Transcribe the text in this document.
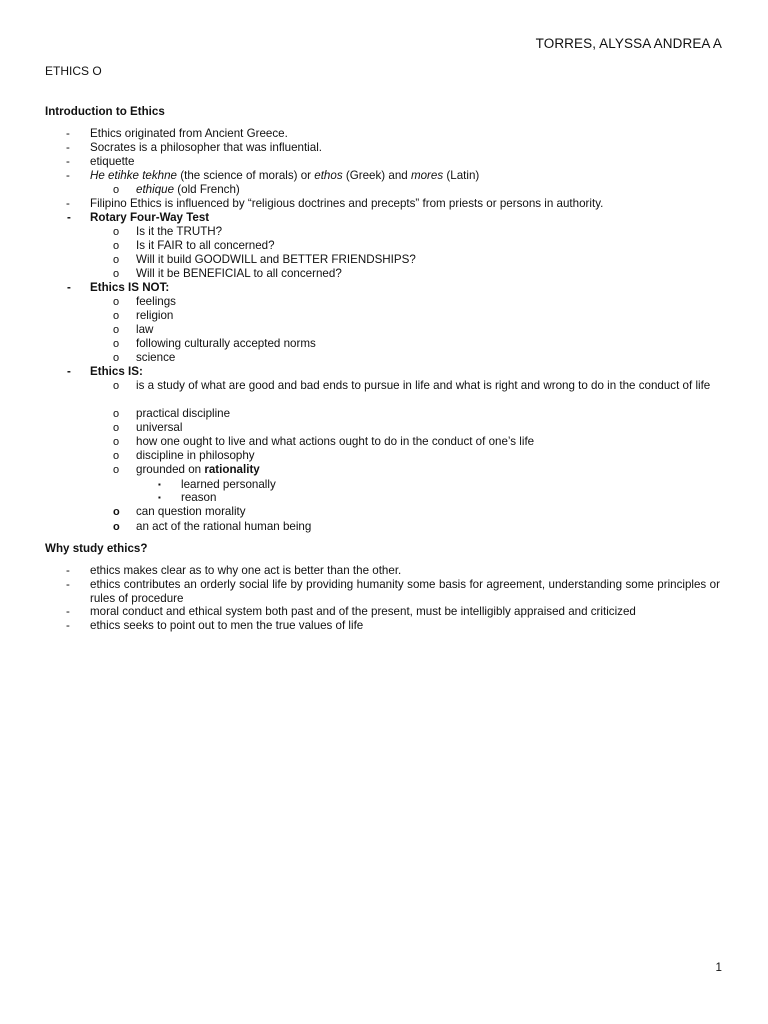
TORRES, ALYSSA ANDREA A
ETHICS O
Introduction to Ethics
- Ethics originated from Ancient Greece.
- Socrates is a philosopher that was influential.
- etiquette
- He etihke tekhne (the science of morals) or ethos (Greek) and mores (Latin)
o ethique (old French)
- Filipino Ethics is influenced by “religious doctrines and precepts” from priests or persons in authority.
- Rotary Four-Way Test
o Is it the TRUTH?
o Is it FAIR to all concerned?
o Will it build GOODWILL and BETTER FRIENDSHIPS?
o Will it be BENEFICIAL to all concerned?
- Ethics IS NOT:
o feelings
o religion
o law
o following culturally accepted norms
o science
- Ethics IS:
o is a study of what are good and bad ends to pursue in life and what is right and wrong to do in the conduct of life
o practical discipline
o universal
o how one ought to live and what actions ought to do in the conduct of one’s life
o discipline in philosophy
o grounded on rationality
▪ learned personally
▪ reason
o can question morality
o an act of the rational human being
Why study ethics?
- ethics makes clear as to why one act is better than the other.
- ethics contributes an orderly social life by providing humanity some basis for agreement, understanding some principles or rules of procedure
- moral conduct and ethical system both past and of the present, must be intelligibly appraised and criticized
- ethics seeks to point out to men the true values of life
1
